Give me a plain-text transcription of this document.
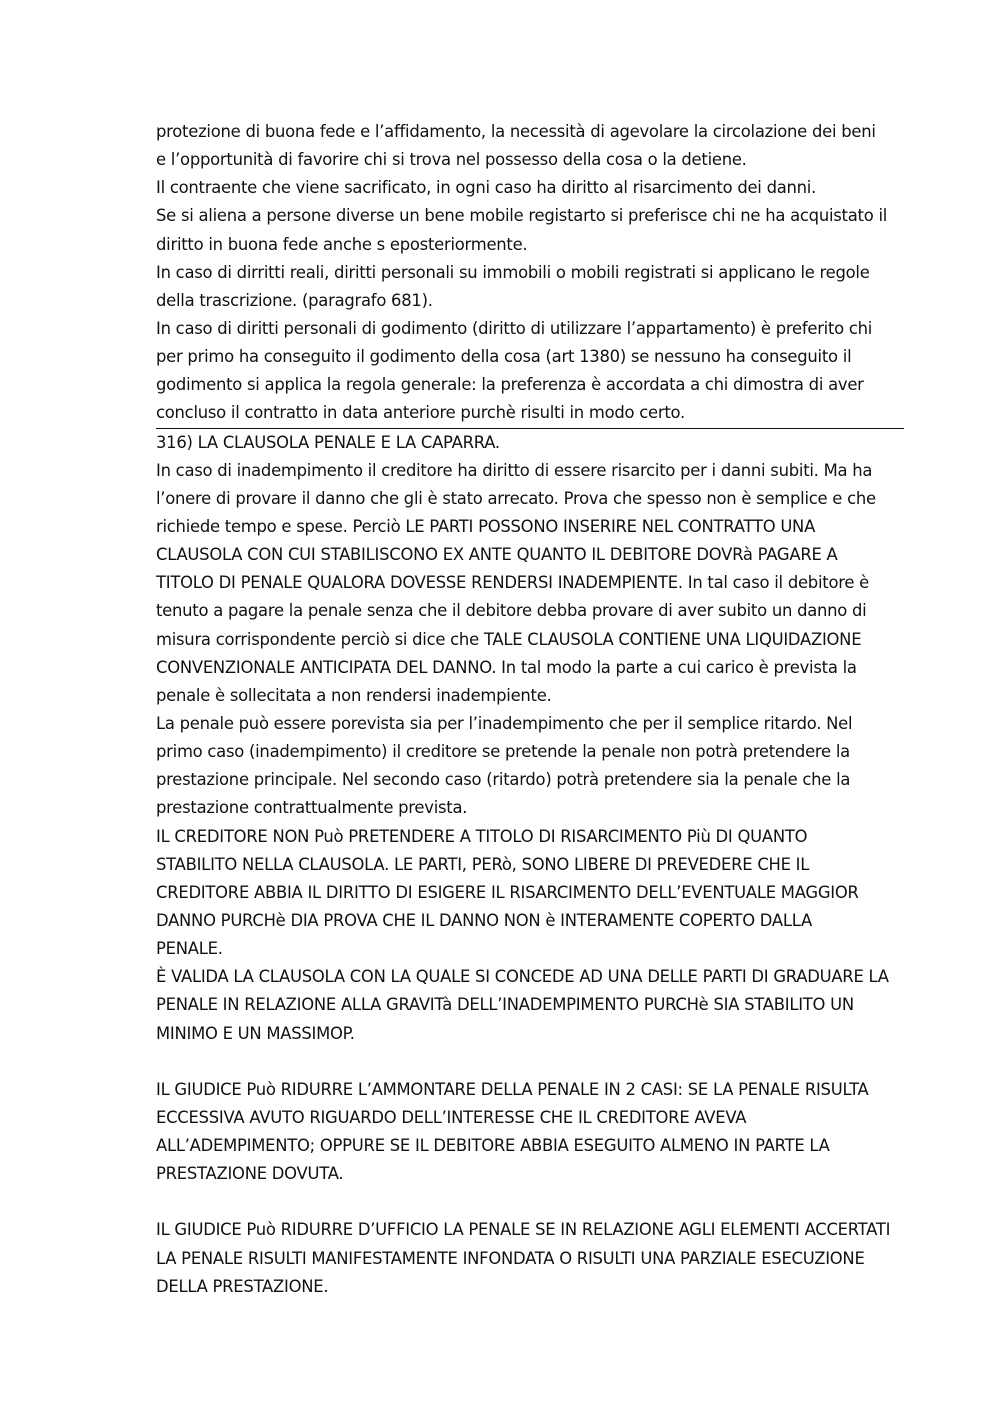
protezione di buona fede e l’affidamento, la necessità di agevolare la circolazione dei beni
e l’opportunità di favorire chi si trova nel possesso della cosa o la detiene.
Il contraente che viene sacrificato, in ogni caso ha diritto al risarcimento dei danni.
Se si aliena a persone diverse un bene mobile registarto si preferisce chi ne ha acquistato il
diritto in buona fede anche s eposteriormente.
In caso di dirritti reali, diritti personali su immobili o mobili registrati si applicano le regole
della trascrizione. (paragrafo 681).
In caso di diritti personali di godimento (diritto di utilizzare l’appartamento) è preferito chi
per primo ha conseguito il godimento della cosa (art 1380) se nessuno ha conseguito il
godimento si applica la regola generale: la preferenza è accordata a chi dimostra di aver
concluso il contratto in data anteriore purchè risulti in modo certo.
316) LA CLAUSOLA PENALE E LA CAPARRA.
In caso di inadempimento il creditore ha diritto di essere risarcito per i danni subiti. Ma ha
l’onere di provare il danno che gli è stato arrecato. Prova che spesso non è semplice e che
richiede tempo e spese. Perciò LE PARTI POSSONO INSERIRE NEL CONTRATTO UNA
CLAUSOLA CON CUI STABILISCONO EX ANTE QUANTO IL DEBITORE DOVRà PAGARE A
TITOLO DI PENALE QUALORA DOVESSE RENDERSI INADEMPIENTE. In tal caso il debitore è
tenuto a pagare la penale senza che il debitore debba provare di aver subito un danno di
misura corrispondente perciò si dice che TALE CLAUSOLA CONTIENE UNA LIQUIDAZIONE
CONVENZIONALE ANTICIPATA DEL DANNO. In tal modo la parte a cui carico è prevista la
penale è sollecitata a non rendersi inadempiente.
La penale può essere porevista sia per l’inadempimento che per il semplice ritardo. Nel
primo caso (inadempimento) il creditore se pretende la penale non potrà pretendere la
prestazione principale. Nel secondo caso (ritardo) potrà pretendere sia la penale che la
prestazione contrattualmente prevista.
IL CREDITORE NON Può PRETENDERE A TITOLO DI RISARCIMENTO Più DI QUANTO
STABILITO NELLA CLAUSOLA. LE PARTI, PERò, SONO LIBERE DI PREVEDERE CHE IL
CREDITORE ABBIA IL DIRITTO DI ESIGERE IL RISARCIMENTO DELL’EVENTUALE MAGGIOR
DANNO PURCHè DIA PROVA CHE IL DANNO NON è INTERAMENTE COPERTO DALLA
PENALE.
È VALIDA LA CLAUSOLA CON LA QUALE SI CONCEDE AD UNA DELLE PARTI DI GRADUARE LA
PENALE IN RELAZIONE ALLA GRAVITà DELL’INADEMPIMENTO PURCHè SIA STABILITO UN
MINIMO E UN MASSIMOP.
IL GIUDICE Può RIDURRE L’AMMONTARE DELLA PENALE IN 2 CASI: SE LA PENALE RISULTA
ECCESSIVA AVUTO RIGUARDO DELL’INTERESSE CHE IL CREDITORE AVEVA
ALL’ADEMPIMENTO; OPPURE SE IL DEBITORE ABBIA ESEGUITO ALMENO IN PARTE LA
PRESTAZIONE DOVUTA.
IL GIUDICE Può RIDURRE D’UFFICIO LA PENALE SE IN RELAZIONE AGLI ELEMENTI ACCERTATI
LA PENALE RISULTI MANIFESTAMENTE INFONDATA O RISULTI UNA PARZIALE ESECUZIONE
DELLA PRESTAZIONE.
